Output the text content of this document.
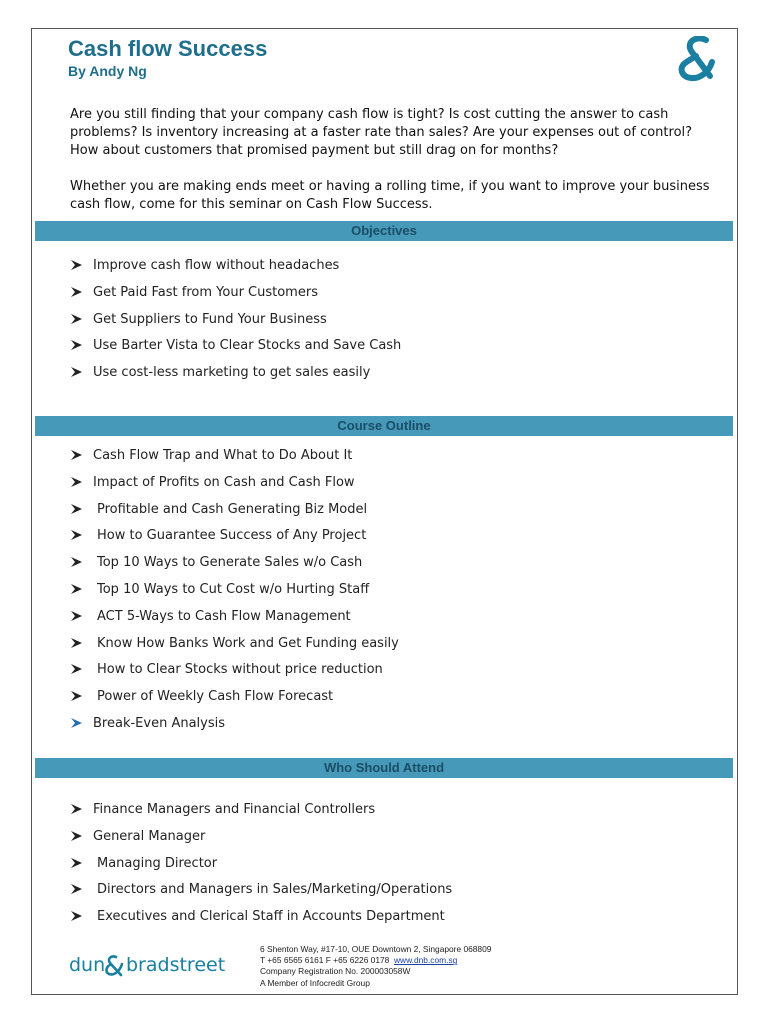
Cash flow Success
By Andy Ng

Are you still finding that your company cash flow is tight? Is cost cutting the answer to cash problems? Is inventory increasing at a faster rate than sales? Are your expenses out of control? How about customers that promised payment but still drag on for months?

Whether you are making ends meet or having a rolling time, if you want to improve your business cash flow, come for this seminar on Cash Flow Success.

Objectives
Improve cash flow without headaches
Get Paid Fast from Your Customers
Get Suppliers to Fund Your Business
Use Barter Vista to Clear Stocks and Save Cash
Use cost-less marketing to get sales easily
Course Outline
Cash Flow Trap and What to Do About It
Impact of Profits on Cash and Cash Flow
Profitable and Cash Generating Biz Model
How to Guarantee Success of Any Project
Top 10 Ways to Generate Sales w/o Cash
Top 10 Ways to Cut Cost w/o Hurting Staff
ACT 5-Ways to Cash Flow Management
Know How Banks Work and Get Funding easily
How to Clear Stocks without price reduction
Power of Weekly Cash Flow Forecast
Break-Even Analysis
Who Should Attend
Finance Managers and Financial Controllers
General Manager
Managing Director
Directors and Managers in Sales/Marketing/Operations
Executives and Clerical Staff in Accounts Department
dun bradstreet
6 Shenton Way, #17-10, OUE Downtown 2, Singapore 068809
T +65 6565 6161 F +65 6226 0178 www.dnb.com.sg
Company Registration No. 200003058W
A Member of Infocredit Group
